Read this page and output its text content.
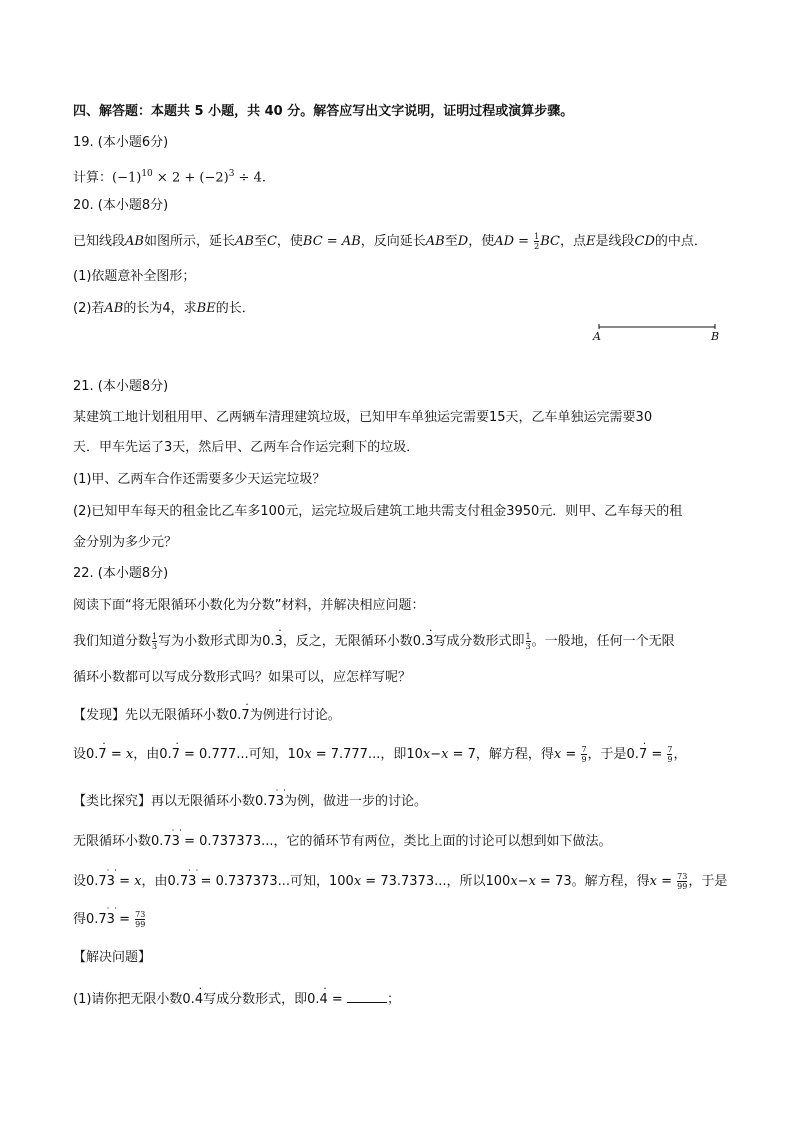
四、解答题：本题共 5 小题，共 40 分。解答应写出文字说明，证明过程或演算步骤。
19. (本小题6分)
计算：$(-1)^{10} \times 2 + (-2)^3 \div 4$.
20. (本小题8分)
已知线段AB如图所示，延长AB至C，使BC = AB，反向延长AB至D，使AD = $\frac{1}{2}$ BC，点E是线段CD的中点．
(1)依题意补全图形；
(2)若AB的长为4，求BE的长．
A	B
21. (本小题8分)
某建筑工地计划租用甲、乙两辆车清理建筑垃圾，已知甲车单独运完需要15天，乙车单独运完需要30
天．甲车先运了3天，然后甲、乙两车合作运完剩下的垃圾．
(1)甲、乙两车合作还需要多少天运完垃圾？
(2)已知甲车每天的租金比乙车多100元，运完垃圾后建筑工地共需支付租金3950元．则甲、乙车每天的租
金分别为多少元？
22. (本小题8分)
阅读下面“将无限循环小数化为分数”材料，并解决相应问题：
我们知道分数 $\frac{1}{3}$ 写为小数形式即为0.· 3，反之，无限循环小数0.· 3写成分数形式即 $\frac{1}{3}$ 。一般地，任何一个无限
循环小数都可以写成分数形式吗？如果可以，应怎样写呢？
【发现】先以无限循环小数0.· 7为例进行讨论。
设0.· 7 = x，由0.· 7 = 0.777...可知，10x = 7.777...，即10x−x = 7，解方程，得$x = \frac{7}{9}$ ，于是$0.\cdot 7 = \frac{7}{9}$ ，
【类比探究】再以无限循环小数0.· · 73为例，做进一步的讨论。
无限循环小数0.· · 73 = 0.737373...，它的循环节有两位，类比上面的讨论可以想到如下做法。
设0.· · 73 = x，由0.· · 73 = 0.737373...可知，100x = 73.7373...，所以100x−x = 73。解方程，得$x = \frac{73}{99}$ ，于是
得$0.\cdot \cdot 73 = \frac{73}{99}$
【解决问题】
(1)请你把无限小数0.· 4写成分数形式，即0.· 4 =	；
